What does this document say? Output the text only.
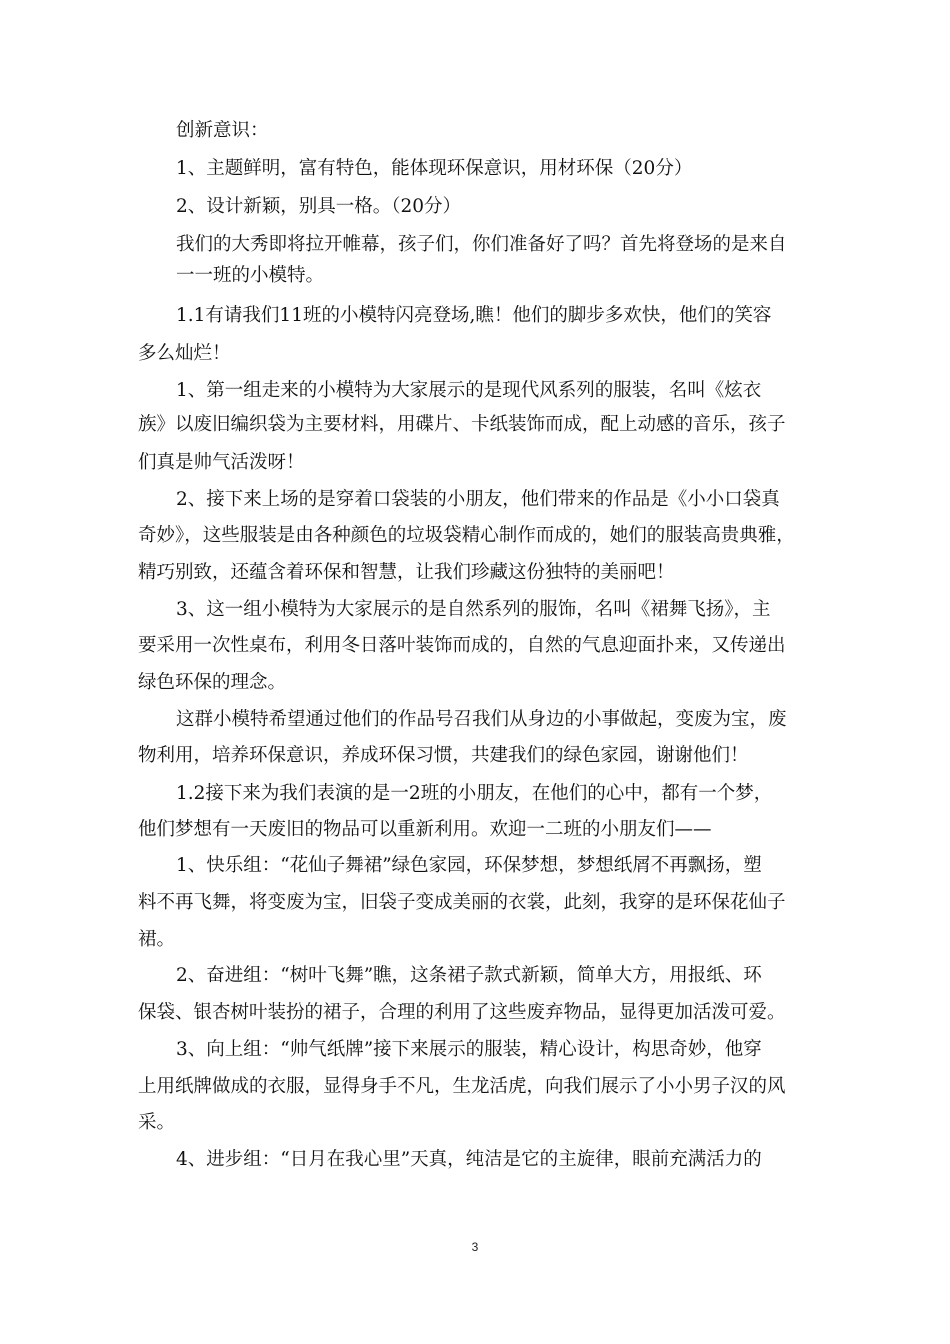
创新意识：
1、主题鲜明，富有特色，能体现环保意识，用材环保（20分）
2、设计新颖，别具一格。（20分）
我们的大秀即将拉开帷幕，孩子们，你们准备好了吗？首先将登场的是来自
一一班的小模特。
1.1有请我们11班的小模特闪亮登场,瞧！他们的脚步多欢快，他们的笑容
多么灿烂！
1、第一组走来的小模特为大家展示的是现代风系列的服装，名叫《炫衣
族》以废旧编织袋为主要材料，用碟片、卡纸装饰而成，配上动感的音乐，孩子
们真是帅气活泼呀！
2、接下来上场的是穿着口袋装的小朋友，他们带来的作品是《小小口袋真
奇妙》，这些服装是由各种颜色的垃圾袋精心制作而成的，她们的服装高贵典雅，
精巧别致，还蕴含着环保和智慧，让我们珍藏这份独特的美丽吧！
3、这一组小模特为大家展示的是自然系列的服饰，名叫《裙舞飞扬》，主
要采用一次性桌布，利用冬日落叶装饰而成的，自然的气息迎面扑来，又传递出
绿色环保的理念。
这群小模特希望通过他们的作品号召我们从身边的小事做起，变废为宝，废
物利用，培养环保意识，养成环保习惯，共建我们的绿色家园，谢谢他们！
1.2接下来为我们表演的是一2班的小朋友，在他们的心中，都有一个梦，
他们梦想有一天废旧的物品可以重新利用。欢迎一二班的小朋友们——
1、快乐组：“花仙子舞裙”绿色家园，环保梦想，梦想纸屑不再飘扬，塑
料不再飞舞，将变废为宝，旧袋子变成美丽的衣裳，此刻，我穿的是环保花仙子
裙。
2、奋进组：“树叶飞舞”瞧，这条裙子款式新颖，简单大方，用报纸、环
保袋、银杏树叶装扮的裙子，合理的利用了这些废弃物品，显得更加活泼可爱。
3、向上组：“帅气纸牌”接下来展示的服装，精心设计，构思奇妙，他穿
上用纸牌做成的衣服，显得身手不凡，生龙活虎，向我们展示了小小男子汉的风
采。
4、进步组：“日月在我心里”天真，纯洁是它的主旋律，眼前充满活力的
3
